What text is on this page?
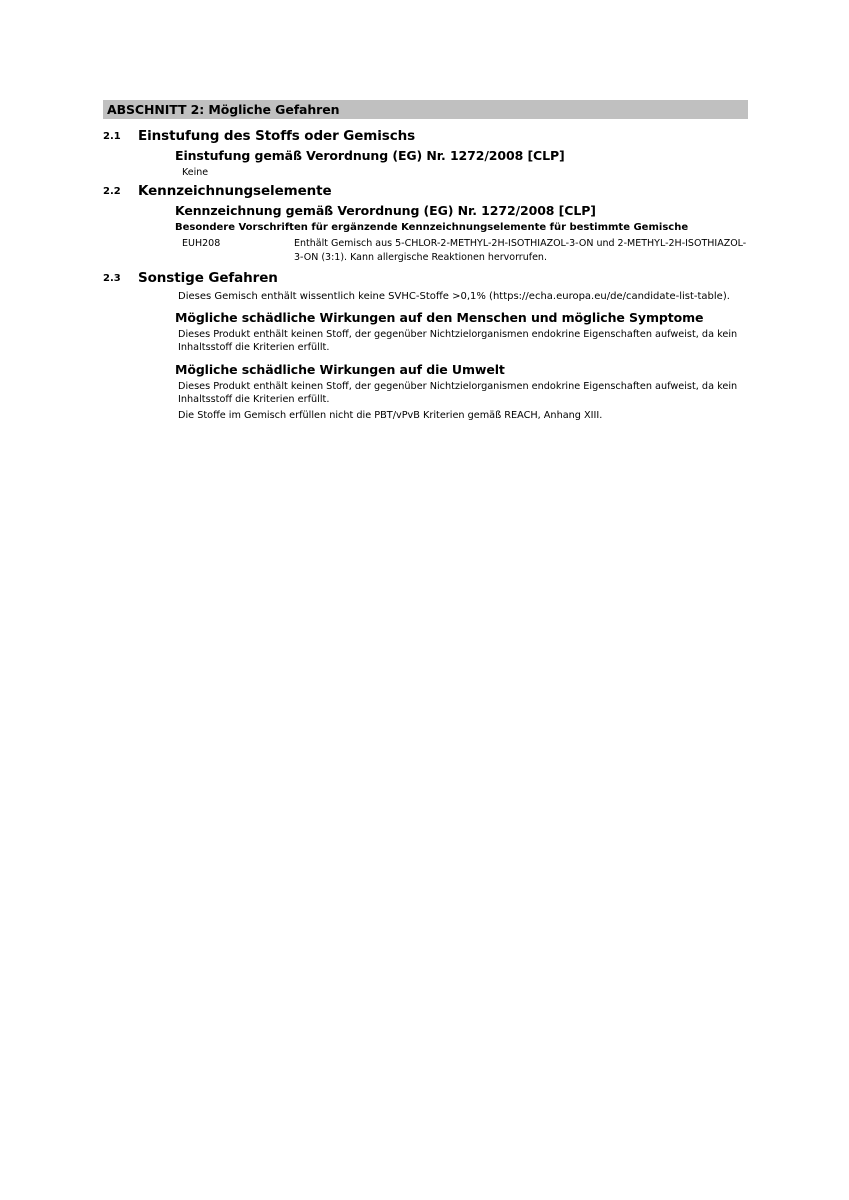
ABSCHNITT 2: Mögliche Gefahren
2.1	Einstufung des Stoffs oder Gemischs
Einstufung gemäß Verordnung (EG) Nr. 1272/2008 [CLP]
Keine
2.2	Kennzeichnungselemente
Kennzeichnung gemäß Verordnung (EG) Nr. 1272/2008 [CLP]
Besondere Vorschriften für ergänzende Kennzeichnungselemente für bestimmte Gemische
EUH208	Enthält Gemisch aus 5-CHLOR-2-METHYL-2H-ISOTHIAZOL-3-ON und 2-METHYL-2H-ISOTHIAZOL-3-ON (3:1). Kann allergische Reaktionen hervorrufen.
2.3	Sonstige Gefahren
Dieses Gemisch enthält wissentlich keine SVHC-Stoffe >0,1% (https://echa.europa.eu/de/candidate-list-table).
Mögliche schädliche Wirkungen auf den Menschen und mögliche Symptome
Dieses Produkt enthält keinen Stoff, der gegenüber Nichtzielorganismen endokrine Eigenschaften aufweist, da kein Inhaltsstoff die Kriterien erfüllt.
Mögliche schädliche Wirkungen auf die Umwelt
Dieses Produkt enthält keinen Stoff, der gegenüber Nichtzielorganismen endokrine Eigenschaften aufweist, da kein Inhaltsstoff die Kriterien erfüllt.
Die Stoffe im Gemisch erfüllen nicht die PBT/vPvB Kriterien gemäß REACH, Anhang XIII.
